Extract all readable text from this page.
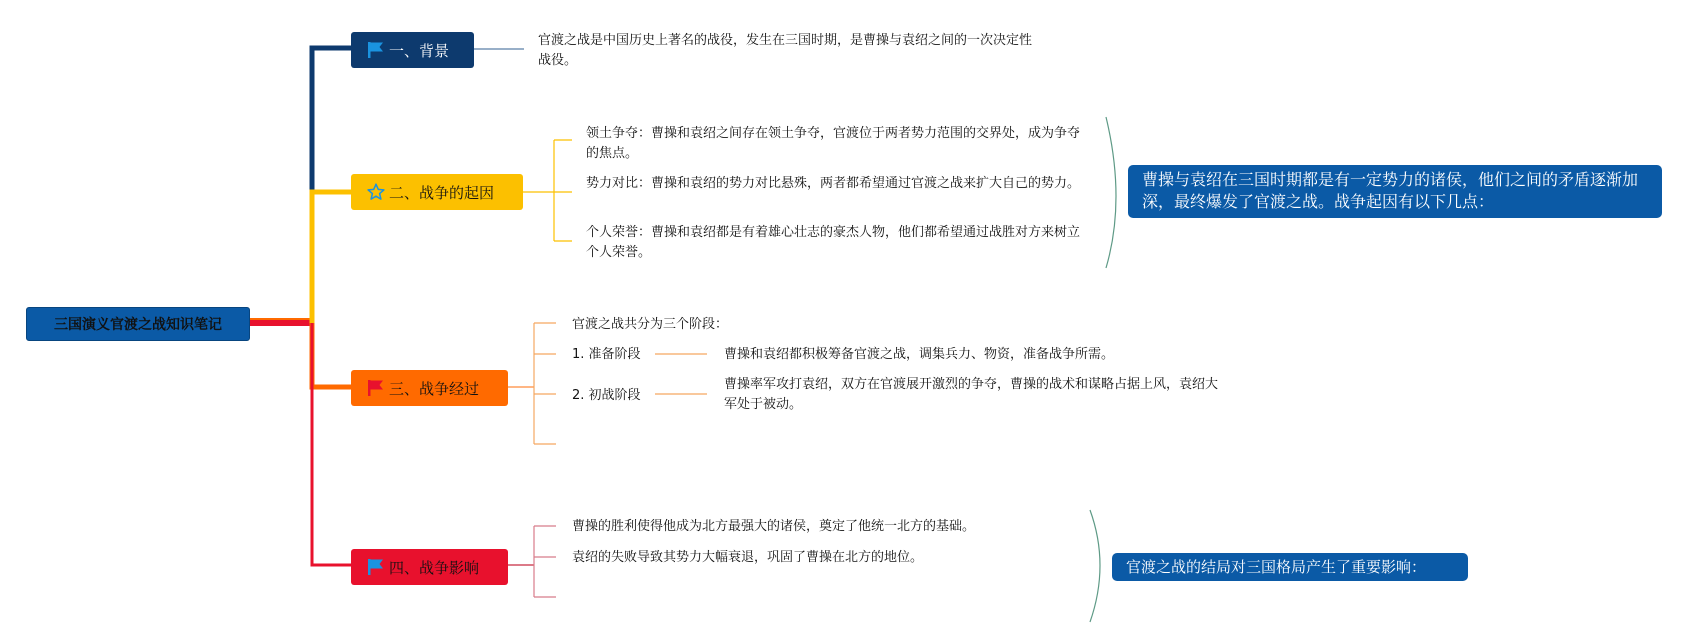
三国演义官渡之战知识笔记
一、背景
官渡之战是中国历史上著名的战役，发生在三国时期，是曹操与袁绍之间的一次决定性战役。
二、战争的起因
领土争夺：曹操和袁绍之间存在领土争夺，官渡位于两者势力范围的交界处，成为争夺的焦点。
势力对比：曹操和袁绍的势力对比悬殊，两者都希望通过官渡之战来扩大自己的势力。
个人荣誉：曹操和袁绍都是有着雄心壮志的豪杰人物，他们都希望通过战胜对方来树立个人荣誉。
曹操与袁绍在三国时期都是有一定势力的诸侯，他们之间的矛盾逐渐加深，最终爆发了官渡之战。战争起因有以下几点：
三、战争经过
官渡之战共分为三个阶段：
1. 准备阶段	曹操和袁绍都积极筹备官渡之战，调集兵力、物资，准备战争所需。
2. 初战阶段
曹操率军攻打袁绍，双方在官渡展开激烈的争夺，曹操的战术和谋略占据上风，袁绍大军处于被动。
四、战争影响
曹操的胜利使得他成为北方最强大的诸侯，奠定了他统一北方的基础。
袁绍的失败导致其势力大幅衰退，巩固了曹操在北方的地位。
官渡之战的结局对三国格局产生了重要影响：
